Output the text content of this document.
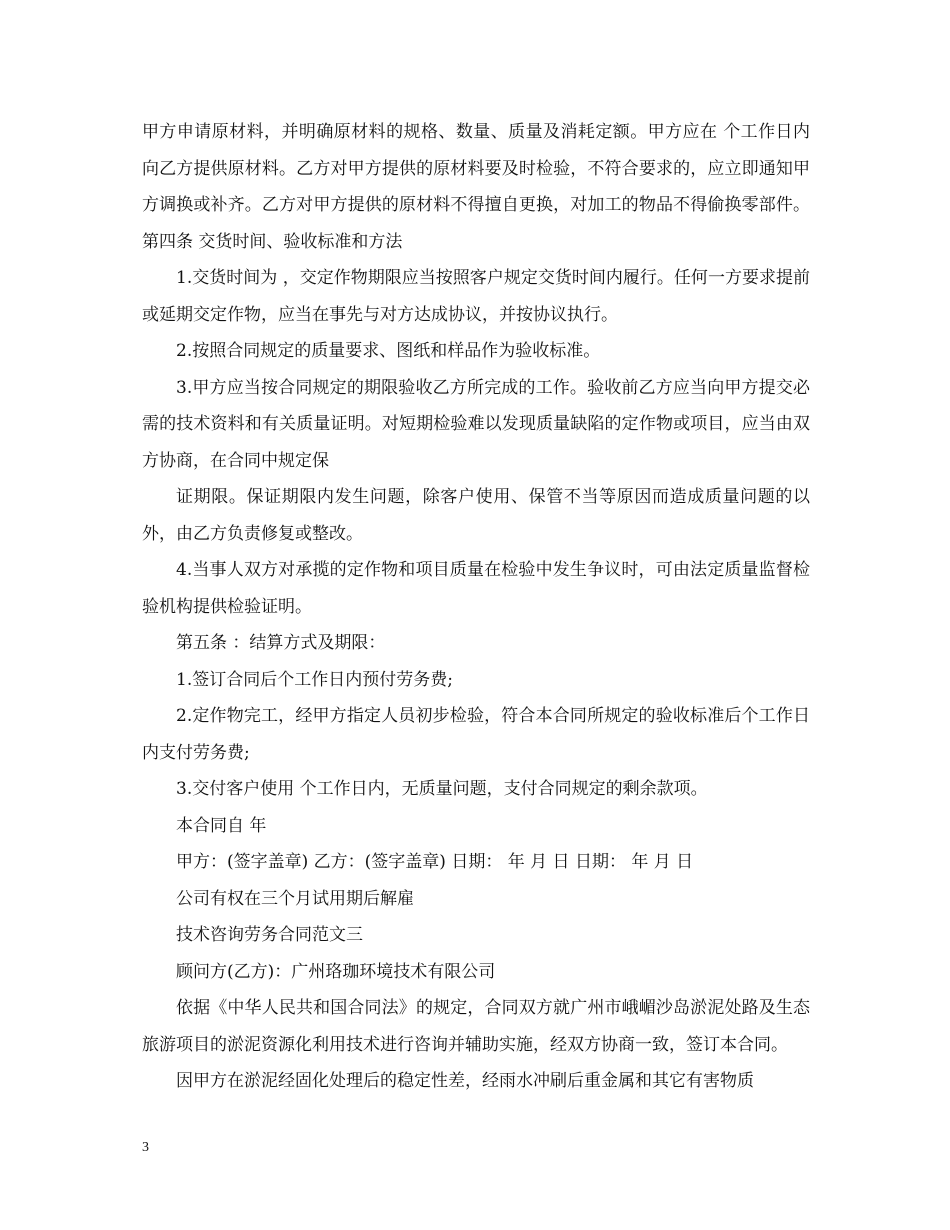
甲方申请原材料，并明确原材料的规格、数量、质量及消耗定额。甲方应在 个工作日内向乙方提供原材料。乙方对甲方提供的原材料要及时检验，不符合要求的，应立即通知甲方调换或补齐。乙方对甲方提供的原材料不得擅自更换，对加工的物品不得偷换零部件。 第四条 交货时间、验收标准和方法

1.交货时间为 ，交定作物期限应当按照客户规定交货时间内履行。任何一方要求提前或延期交定作物，应当在事先与对方达成协议，并按协议执行。

2.按照合同规定的质量要求、图纸和样品作为验收标准。

3.甲方应当按合同规定的期限验收乙方所完成的工作。验收前乙方应当向甲方提交必需的技术资料和有关质量证明。对短期检验难以发现质量缺陷的定作物或项目，应当由双方协商，在合同中规定保

证期限。保证期限内发生问题，除客户使用、保管不当等原因而造成质量问题的以外，由乙方负责修复或整改。

4.当事人双方对承揽的定作物和项目质量在检验中发生争议时，可由法定质量监督检验机构提供检验证明。

第五条 ：结算方式及期限：

1.签订合同后个工作日内预付劳务费;

2.定作物完工，经甲方指定人员初步检验，符合本合同所规定的验收标准后个工作日内支付劳务费;

3.交付客户使用 个工作日内，无质量问题，支付合同规定的剩余款项。

本合同自 年

甲方：(签字盖章) 乙方：(签字盖章) 日期： 年 月 日 日期： 年 月 日

公司有权在三个月试用期后解雇

技术咨询劳务合同范文三

顾问方(乙方)：广州珞珈环境技术有限公司

依据《中华人民共和国合同法》的规定，合同双方就广州市峨嵋沙岛淤泥处路及生态旅游项目的淤泥资源化利用技术进行咨询并辅助实施，经双方协商一致，签订本合同。

因甲方在淤泥经固化处理后的稳定性差，经雨水冲刷后重金属和其它有害物质

3
